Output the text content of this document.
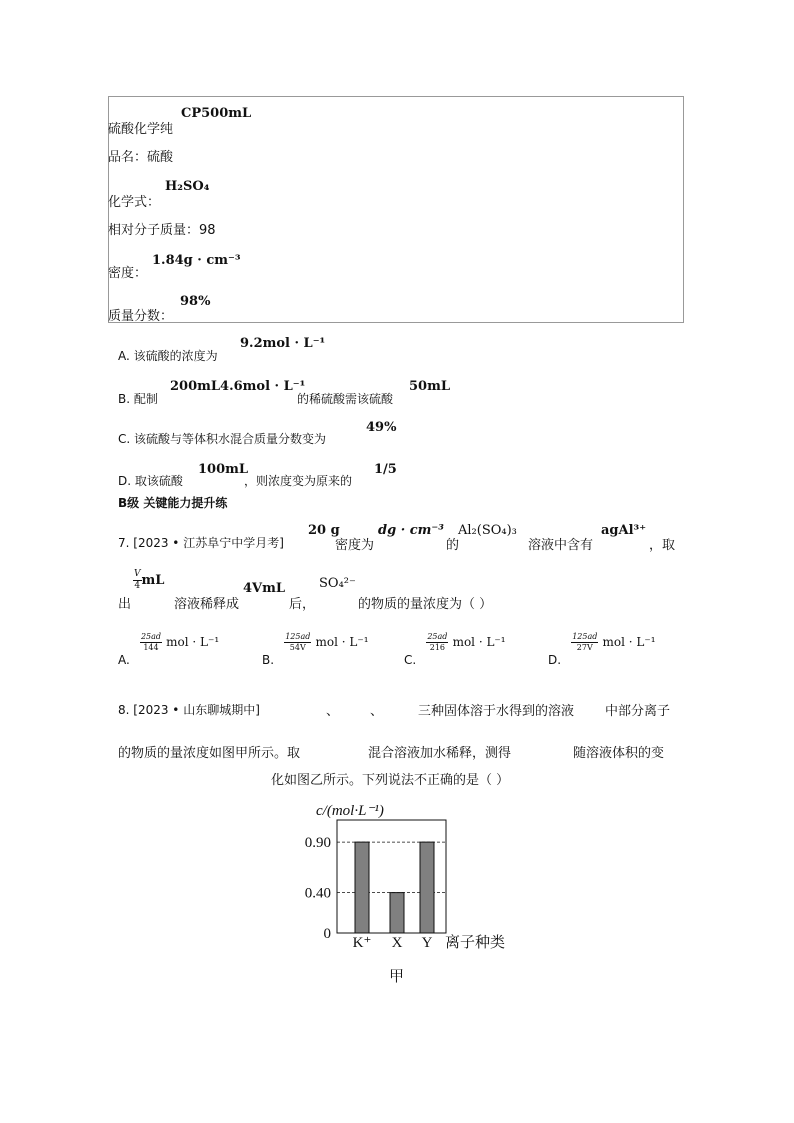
硫酸化学纯
CP500mL
品名：硫酸
化学式：
H₂SO₄
相对分子质量：98
密度：
1.84g · cm⁻³
质量分数：
98%
A. 该硫酸的浓度为
9.2mol · L⁻¹
B. 配制
200mL4.6mol · L⁻¹
的稀硫酸需该硫酸
50mL
C. 该硫酸与等体积水混合质量分数变为
49%
D. 取该硫酸
100mL
，则浓度变为原来的
1/5
B级 关键能力提升练
7. [2023 • 江苏阜宁中学月考]
20 g
密度为
dg · cm⁻³
的
Al₂(SO₄)₃
溶液中含有
agAl³⁺
，取
出
$\frac{V}{4}$ mL
溶液稀释成
4VmL
后，
SO₄²⁻
的物质的量浓度为（ ）
A.
$\frac{25ad}{144}$ mol · L⁻¹
B.
$\frac{125ad}{54V}$ mol · L⁻¹
C.
$\frac{25ad}{216}$ mol · L⁻¹
D.
$\frac{125ad}{27V}$ mol · L⁻¹
8. [2023 • 山东聊城期中]	、 、	三种固体溶于水得到的溶液 中部分离子
的物质的量浓度如图甲所示。取	混合溶液加水稀释，测得	随溶液体积的变
化如图乙所示。下列说法不正确的是（ ）
c/(mol·L⁻¹)
0
0.40
0.90
K⁺ X Y 离子种类
甲
